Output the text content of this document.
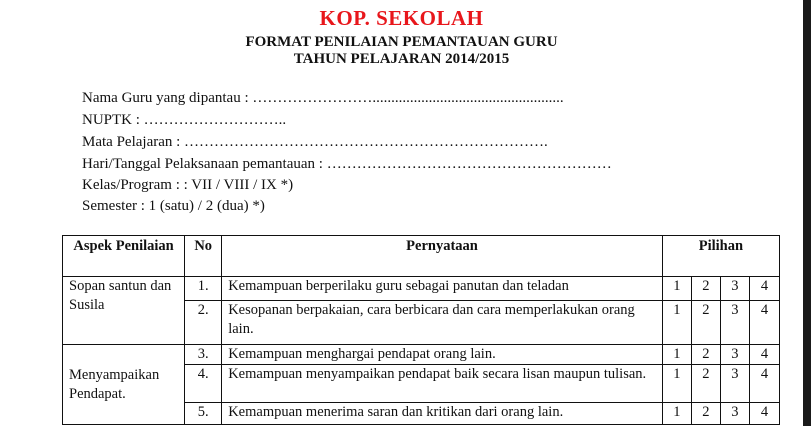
KOP. SEKOLAH
FORMAT PENILAIAN PEMANTAUAN GURU
TAHUN PELAJARAN 2014/2015
Nama Guru yang dipantau : ……………………...................................................
NUPTK : ………………………..
Mata Pelajaran : ……………………………………………………………….
Hari/Tanggal Pelaksanaan pemantauan : …………………………………………………
Kelas/Program : : VII / VIII / IX *)
Semester : 1 (satu) / 2 (dua) *)
Aspek Penilaian	No	Pernyataan	Pilihan			
Sopan santun dan Susila	1.	Kemampuan berperilaku guru sebagai panutan dan teladan	1	2	3	4
	2.	Kesopanan berpakaian, cara berbicara dan cara memperlakukan orang lain.	1	2	3	4
Menyampaikan Pendapat.	3.	Kemampuan menghargai pendapat orang lain.	1	2	3	4
	4.	Kemampuan menyampaikan pendapat baik secara lisan maupun tulisan.	1	2	3	4
	5.	Kemampuan menerima saran dan kritikan dari orang lain.	1	2	3	4
